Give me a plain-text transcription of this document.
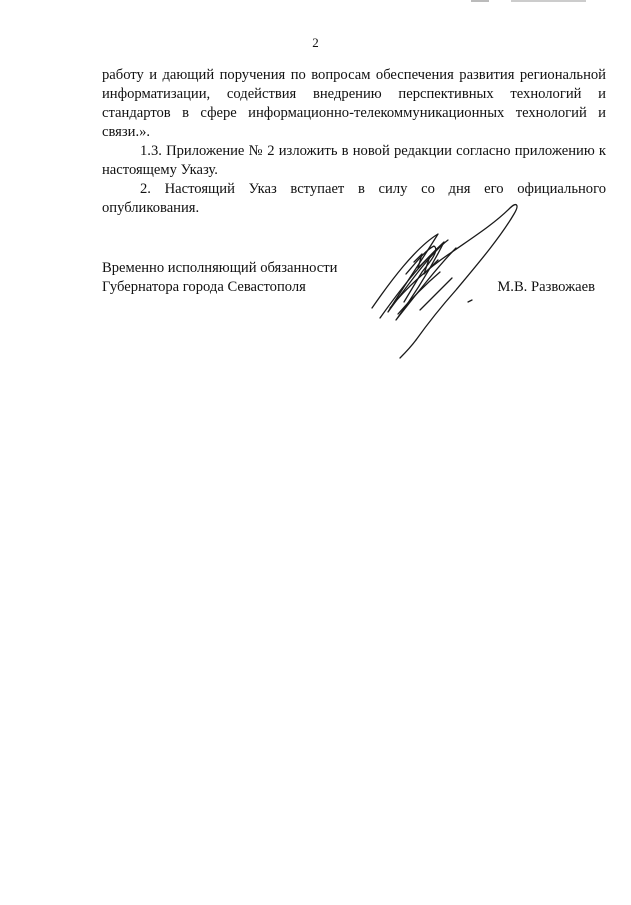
2

работу и дающий поручения по вопросам обеспечения развития региональной информатизации, содействия внедрению перспективных технологий и стандартов в сфере информационно-телекоммуникационных технологий и связи.».

1.3. Приложение № 2 изложить в новой редакции согласно приложению к настоящему Указу.

2. Настоящий Указ вступает в силу со дня его официального опубликования.

Временно исполняющий обязанности
Губернатора города Севастополя	М.В. Развожаев
